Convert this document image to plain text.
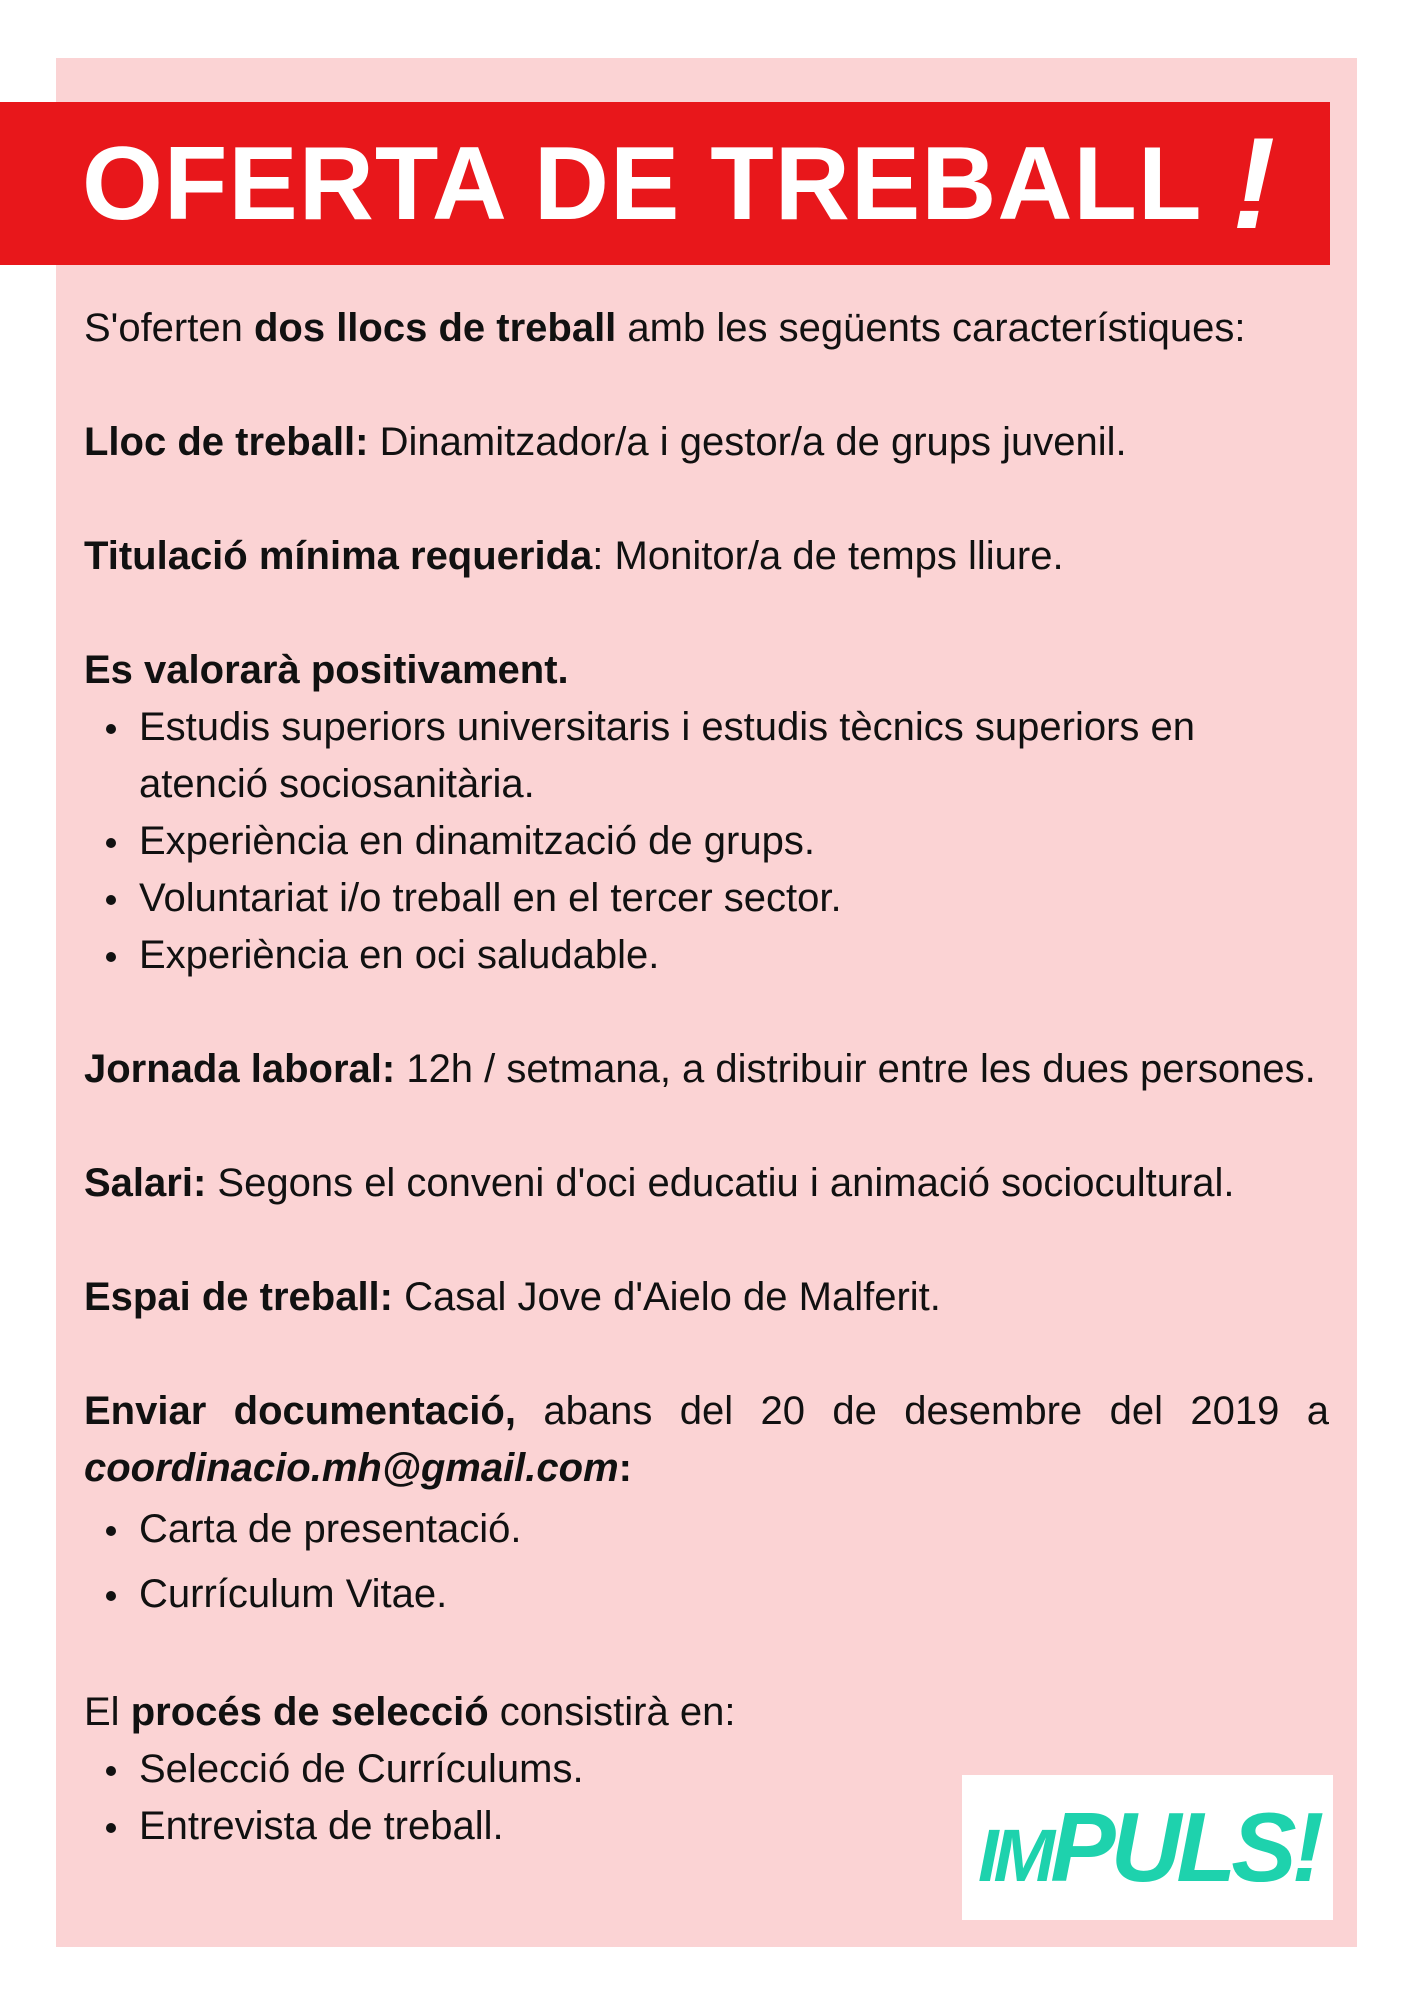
OFERTA DE TREBALL !

S'oferten dos llocs de treball amb les següents característiques:

Lloc de treball: Dinamitzador/a i gestor/a de grups juvenil.

Titulació mínima requerida: Monitor/a de temps lliure.

Es valorarà positivament.

Estudis superiors universitaris i estudis tècnics superiors en atenció sociosanitària.
Experiència en dinamització de grups.
Voluntariat i/o treball en el tercer sector.
Experiència en oci saludable.

Jornada laboral: 12h / setmana, a distribuir entre les dues persones.

Salari: Segons el conveni d'oci educatiu i animació sociocultural.

Espai de treball: Casal Jove d'Aielo de Malferit.

Enviar documentació, abans del 20 de desembre del 2019 a coordinacio.mh@gmail.com:

Carta de presentació.
Currículum Vitae.

El procés de selecció consistirà en:

Selecció de Currículums.
Entrevista de treball.	IMPULS!
